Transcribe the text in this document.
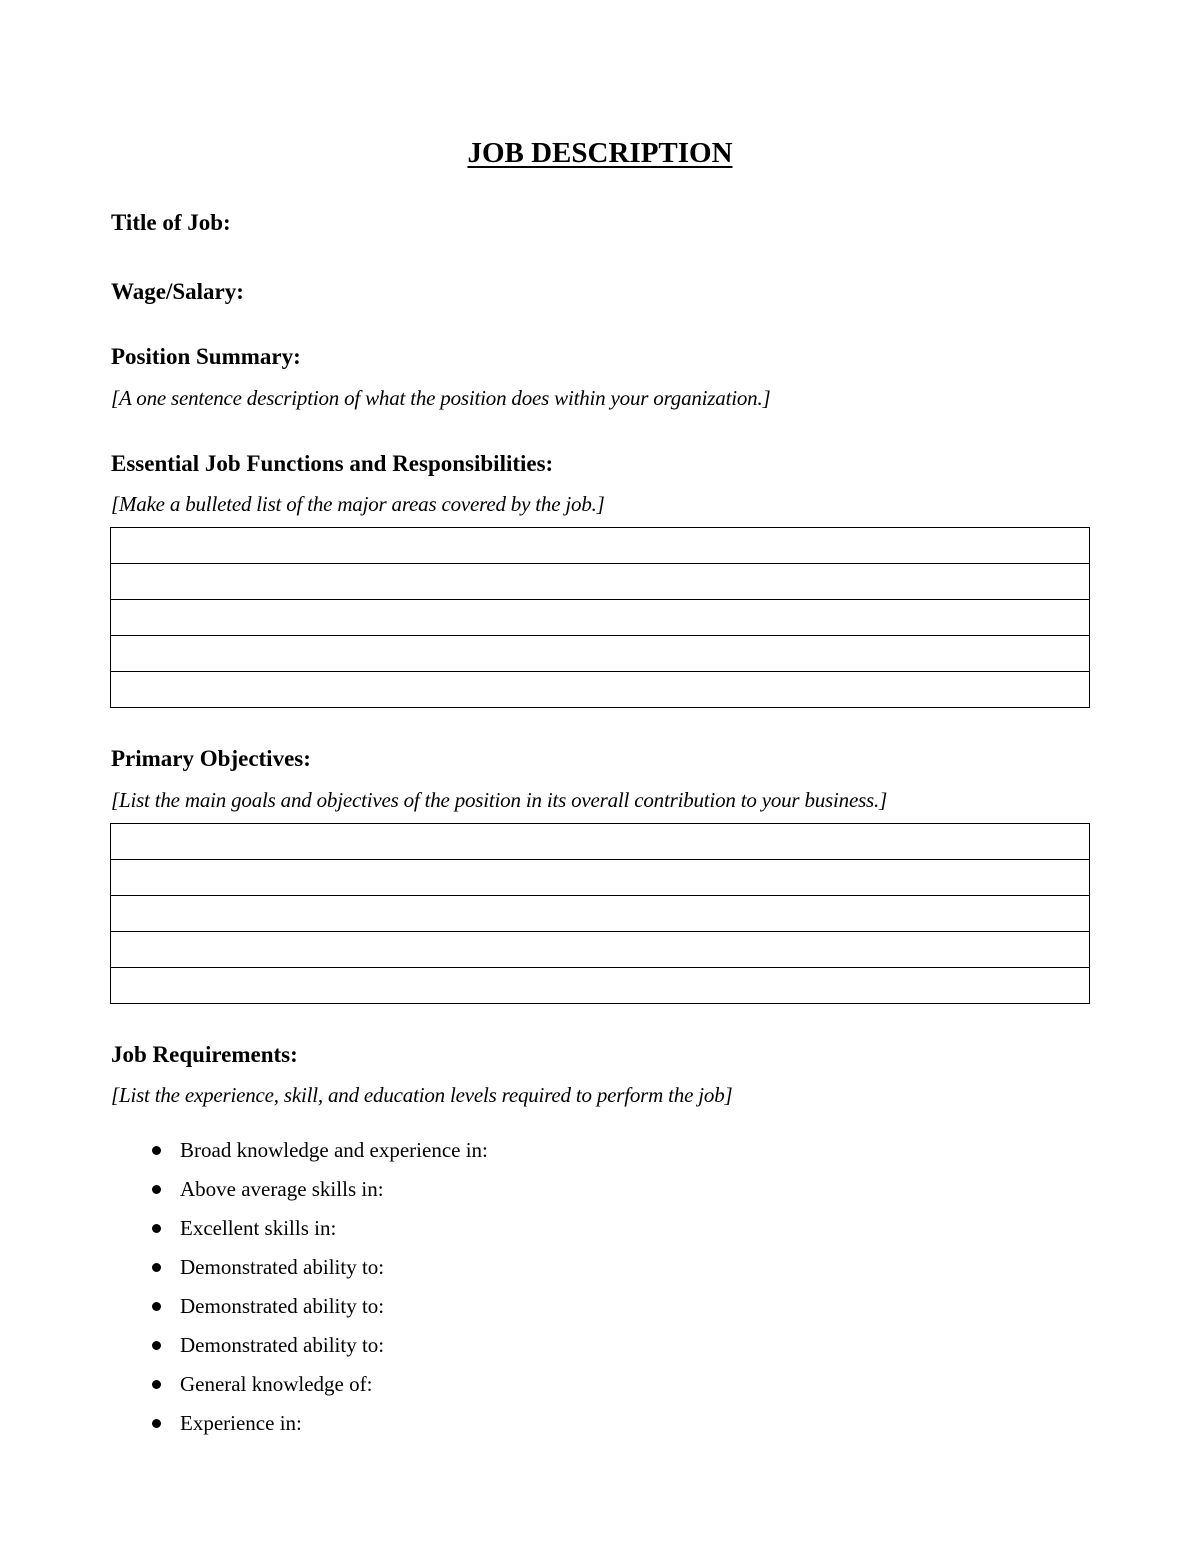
JOB DESCRIPTION
Title of Job:
Wage/Salary:
Position Summary:
[A one sentence description of what the position does within your organization.]
Essential Job Functions and Responsibilities:
[Make a bulleted list of the major areas covered by the job.]

Primary Objectives:
[List the main goals and objectives of the position in its overall contribution to your business.]

Job Requirements:
[List the experience, skill, and education levels required to perform the job]
Broad knowledge and experience in:
Above average skills in:
Excellent skills in:
Demonstrated ability to:
Demonstrated ability to:
Demonstrated ability to:
General knowledge of:
Experience in:
